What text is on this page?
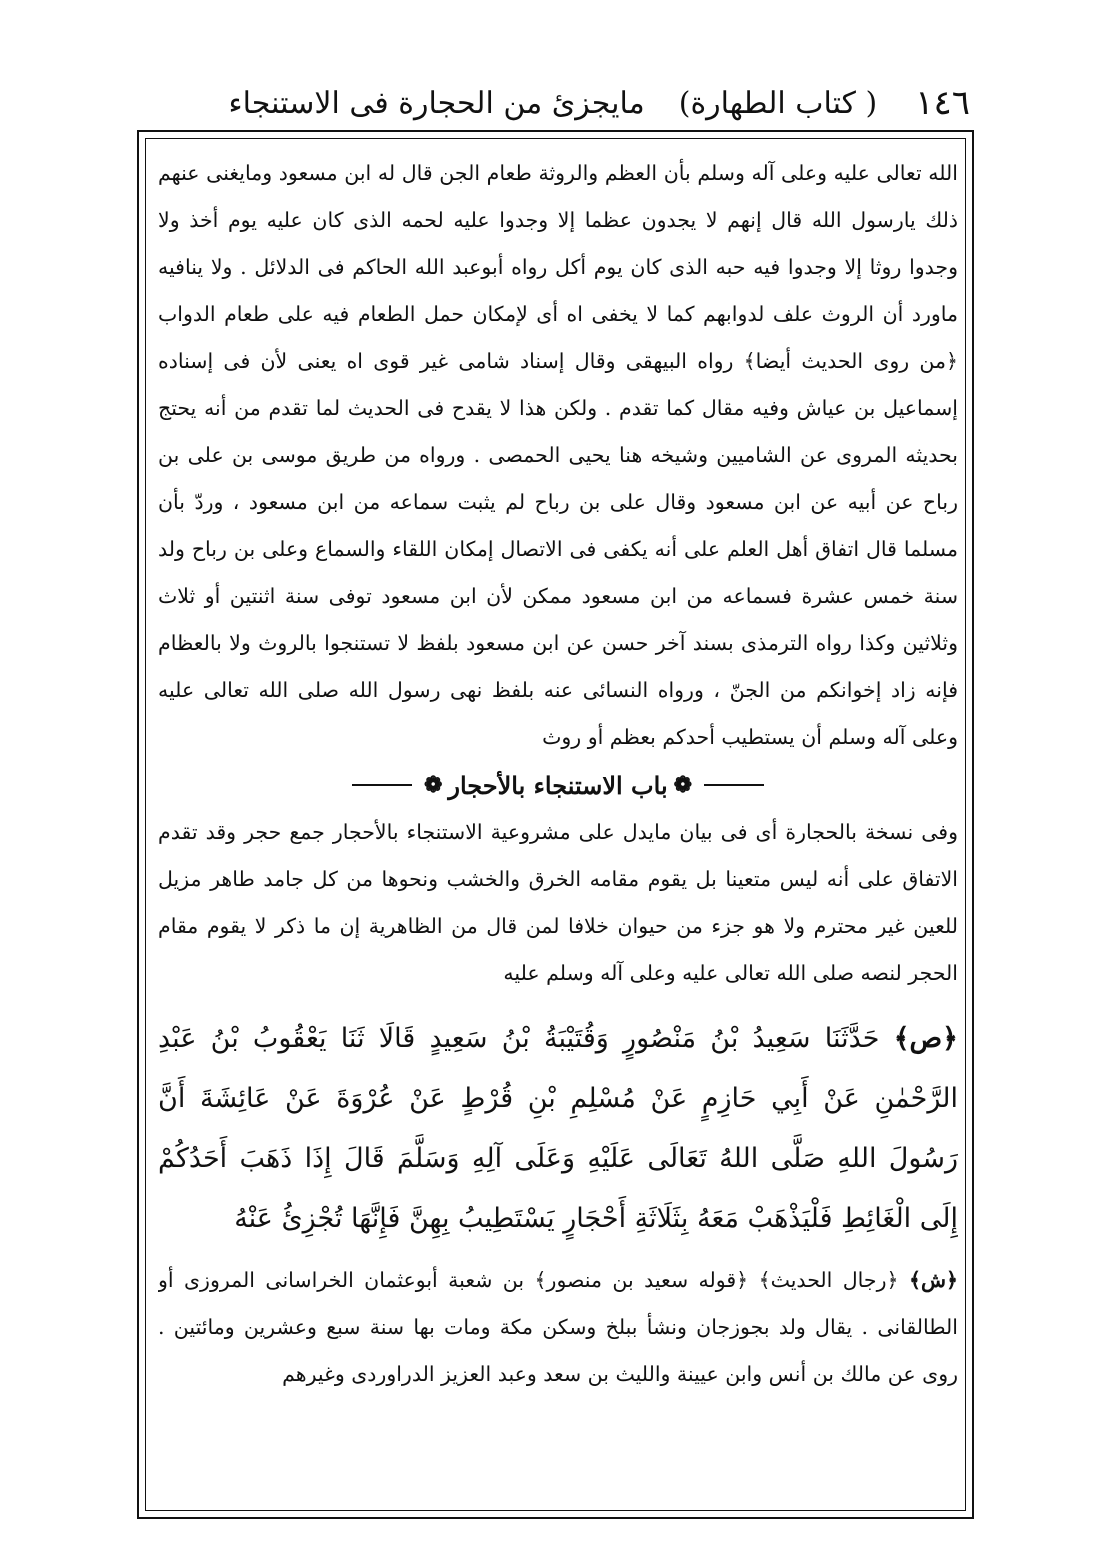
١٤٦
( كتاب الطهارة)
مايجزئ من الحجارة فى الاستنجاء

الله تعالى عليه وعلى آله وسلم بأن العظم والروثة طعام الجن قال له ابن مسعود ومايغنى عنهم ذلك يارسول الله قال إنهم لا يجدون عظما إلا وجدوا عليه لحمه الذى كان عليه يوم أخذ ولا وجدوا روثا إلا وجدوا فيه حبه الذى كان يوم أكل رواه أبوعبد الله الحاكم فى الدلائل . ولا ينافيه ماورد أن الروث علف لدوابهم كما لا يخفى اه أى لإمكان حمل الطعام فيه على طعام الدواب ﴿من روى الحديث أيضا﴾ رواه البيهقى وقال إسناد شامى غير قوى اه يعنى لأن فى إسناده إسماعيل بن عياش وفيه مقال كما تقدم . ولكن هذا لا يقدح فى الحديث لما تقدم من أنه يحتج بحديثه المروى عن الشاميين وشيخه هنا يحيى الحمصى . ورواه من طريق موسى بن على بن رباح عن أبيه عن ابن مسعود وقال على بن رباح لم يثبت سماعه من ابن مسعود ، وردّ بأن مسلما قال اتفاق أهل العلم على أنه يكفى فى الاتصال إمكان اللقاء والسماع وعلى بن رباح ولد سنة خمس عشرة فسماعه من ابن مسعود ممكن لأن ابن مسعود توفى سنة اثنتين أو ثلاث وثلاثين وكذا رواه الترمذى بسند آخر حسن عن ابن مسعود بلفظ لا تستنجوا بالروث ولا بالعظام فإنه زاد إخوانكم من الجنّ ، ورواه النسائى عنه بلفظ نهى رسول الله صلى الله تعالى عليه وعلى آله وسلم أن يستطيب أحدكم بعظم أو روث

❁
باب الاستنجاء بالأحجار
❁

وفى نسخة بالحجارة أى فى بيان مايدل على مشروعية الاستنجاء بالأحجار جمع حجر وقد تقدم الاتفاق على أنه ليس متعينا بل يقوم مقامه الخرق والخشب ونحوها من كل جامد طاهر مزيل للعين غير محترم ولا هو جزء من حيوان خلافا لمن قال من الظاهرية إن ما ذكر لا يقوم مقام الحجر لنصه صلى الله تعالى عليه وعلى آله وسلم عليه

﴿ص﴾ حَدَّثَنَا سَعِيدُ بْنُ مَنْصُورٍ وَقُتَيْبَةُ بْنُ سَعِيدٍ قَالَا ثَنَا يَعْقُوبُ بْنُ عَبْدِ الرَّحْمٰنِ عَنْ أَبِي حَازِمٍ عَنْ مُسْلِمِ بْنِ قُرْطٍ عَنْ عُرْوَةَ عَنْ عَائِشَةَ أَنَّ رَسُولَ اللهِ صَلَّى اللهُ تَعَالَى عَلَيْهِ وَعَلَى آلِهِ وَسَلَّمَ قَالَ إِذَا ذَهَبَ أَحَدُكُمْ إِلَى الْغَائِطِ فَلْيَذْهَبْ مَعَهُ بِثَلَاثَةِ أَحْجَارٍ يَسْتَطِيبُ بِهِنَّ فَإِنَّهَا تُجْزِئُ عَنْهُ

﴿ش﴾ ﴿رجال الحديث﴾ ﴿قوله سعيد بن منصور﴾ بن شعبة أبوعثمان الخراسانى المروزى أو الطالقانى . يقال ولد بجوزجان ونشأ ببلخ وسكن مكة ومات بها سنة سبع وعشرين ومائتين . روى عن مالك بن أنس وابن عيينة والليث بن سعد وعبد العزيز الدراوردى وغيرهم
